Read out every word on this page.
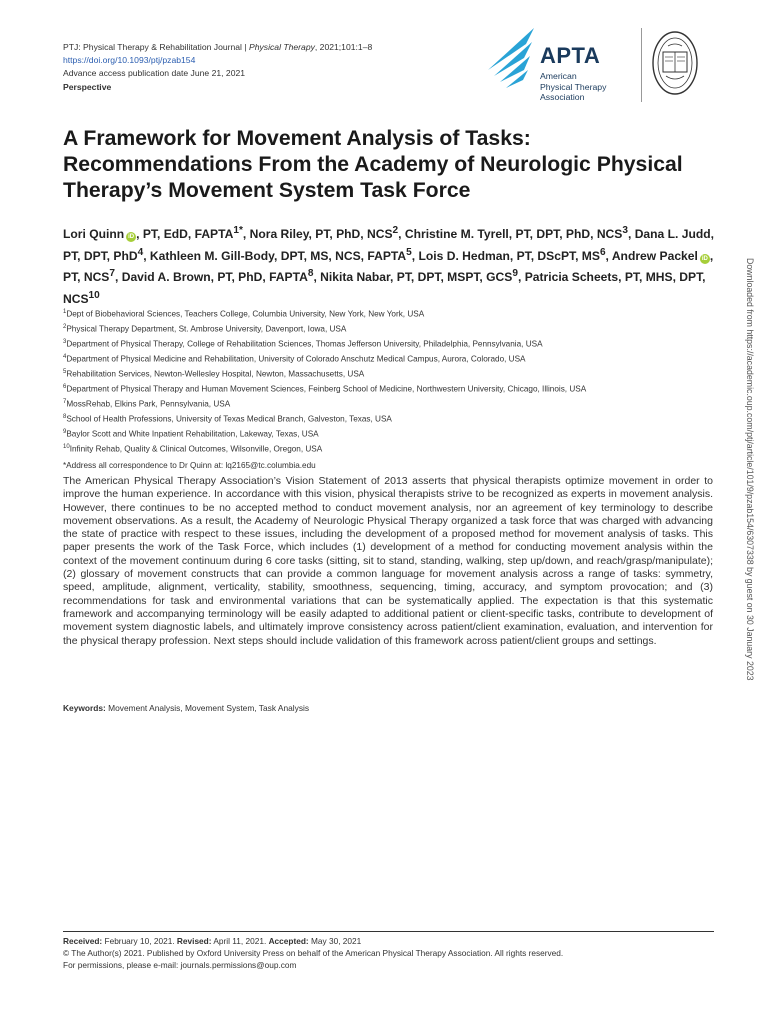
PTJ: Physical Therapy & Rehabilitation Journal | Physical Therapy, 2021;101:1–8
https://doi.org/10.1093/ptj/pzab154
Advance access publication date June 21, 2021
Perspective
APTA
American
Physical Therapy
Association
A Framework for Movement Analysis of Tasks: Recommendations From the Academy of Neurologic Physical Therapy’s Movement System Task Force
Lori Quinn iD , PT, EdD, $FAPTA^{1*}$, Nora Riley, PT, PhD, NCS$^2$, Christine M. Tyrell, PT, DPT, PhD, NCS$^3$, Dana L. Judd, PT, DPT, PhD$^4$, Kathleen M. Gill-Body, DPT, MS, NCS, FAPTA$^5$, Lois D. Hedman, PT, DScPT, $MS^6$, Andrew Packel iD , PT, NCS$^7$, David A. Brown, PT, PhD, FAPTA$^8$, Nikita Nabar, PT, DPT, MSPT, GCS$^9$, Patricia Scheets, PT, MHS, DPT, NCS$^{10}$
$^1$Dept of Biobehavioral Sciences, Teachers College, Columbia University, New York, New York, USA
$^2$Physical Therapy Department, St. Ambrose University, Davenport, Iowa, USA
$^3$Department of Physical Therapy, College of Rehabilitation Sciences, Thomas Jefferson University, Philadelphia, Pennsylvania, USA
$^4$Department of Physical Medicine and Rehabilitation, University of Colorado Anschutz Medical Campus, Aurora, Colorado, USA
$^5$Rehabilitation Services, Newton-Wellesley Hospital, Newton, Massachusetts, USA
$^6$Department of Physical Therapy and Human Movement Sciences, Feinberg School of Medicine, Northwestern University, Chicago, Illinois, USA
$^7$MossRehab, Elkins Park, Pennsylvania, USA
$^8$School of Health Professions, University of Texas Medical Branch, Galveston, Texas, USA
$^9$Baylor Scott and White Inpatient Rehabilitation, Lakeway, Texas, USA
$^{10}$Infinity Rehab, Quality & Clinical Outcomes, Wilsonville, Oregon, USA
*Address all correspondence to Dr Quinn at: lq2165@tc.columbia.edu
The American Physical Therapy Association’s Vision Statement of 2013 asserts that physical therapists optimize movement in order to improve the human experience. In accordance with this vision, physical therapists strive to be recognized as experts in movement analysis. However, there continues to be no accepted method to conduct movement analysis, nor an agreement of key terminology to describe movement observations. As a result, the Academy of Neurologic Physical Therapy organized a task force that was charged with advancing the state of practice with respect to these issues, including the development of a proposed method for movement analysis of tasks. This paper presents the work of the Task Force, which includes (1) development of a method for conducting movement analysis within the context of the movement continuum during 6 core tasks (sitting, sit to stand, standing, walking, step up/down, and reach/grasp/manipulate); (2) glossary of movement constructs that can provide a common language for movement analysis across a range of tasks: symmetry, speed, amplitude, alignment, verticality, stability, smoothness, sequencing, timing, accuracy, and symptom provocation; and (3) recommendations for task and environmental variations that can be systematically applied. The expectation is that this systematic framework and accompanying terminology will be easily adapted to additional patient or client-specific tasks, contribute to development of movement system diagnostic labels, and ultimately improve consistency across patient/client examination, evaluation, and intervention for the physical therapy profession. Next steps should include validation of this framework across patient/client groups and settings.
Keywords: Movement Analysis, Movement System, Task Analysis
Downloaded from https://academic.oup.com/ptj/article/101/9/pzab154/6307338 by guest on 30 January 2023
Received: February 10, 2021. Revised: April 11, 2021. Accepted: May 30, 2021
© The Author(s) 2021. Published by Oxford University Press on behalf of the American Physical Therapy Association. All rights reserved.
For permissions, please e-mail: journals.permissions@oup.com
